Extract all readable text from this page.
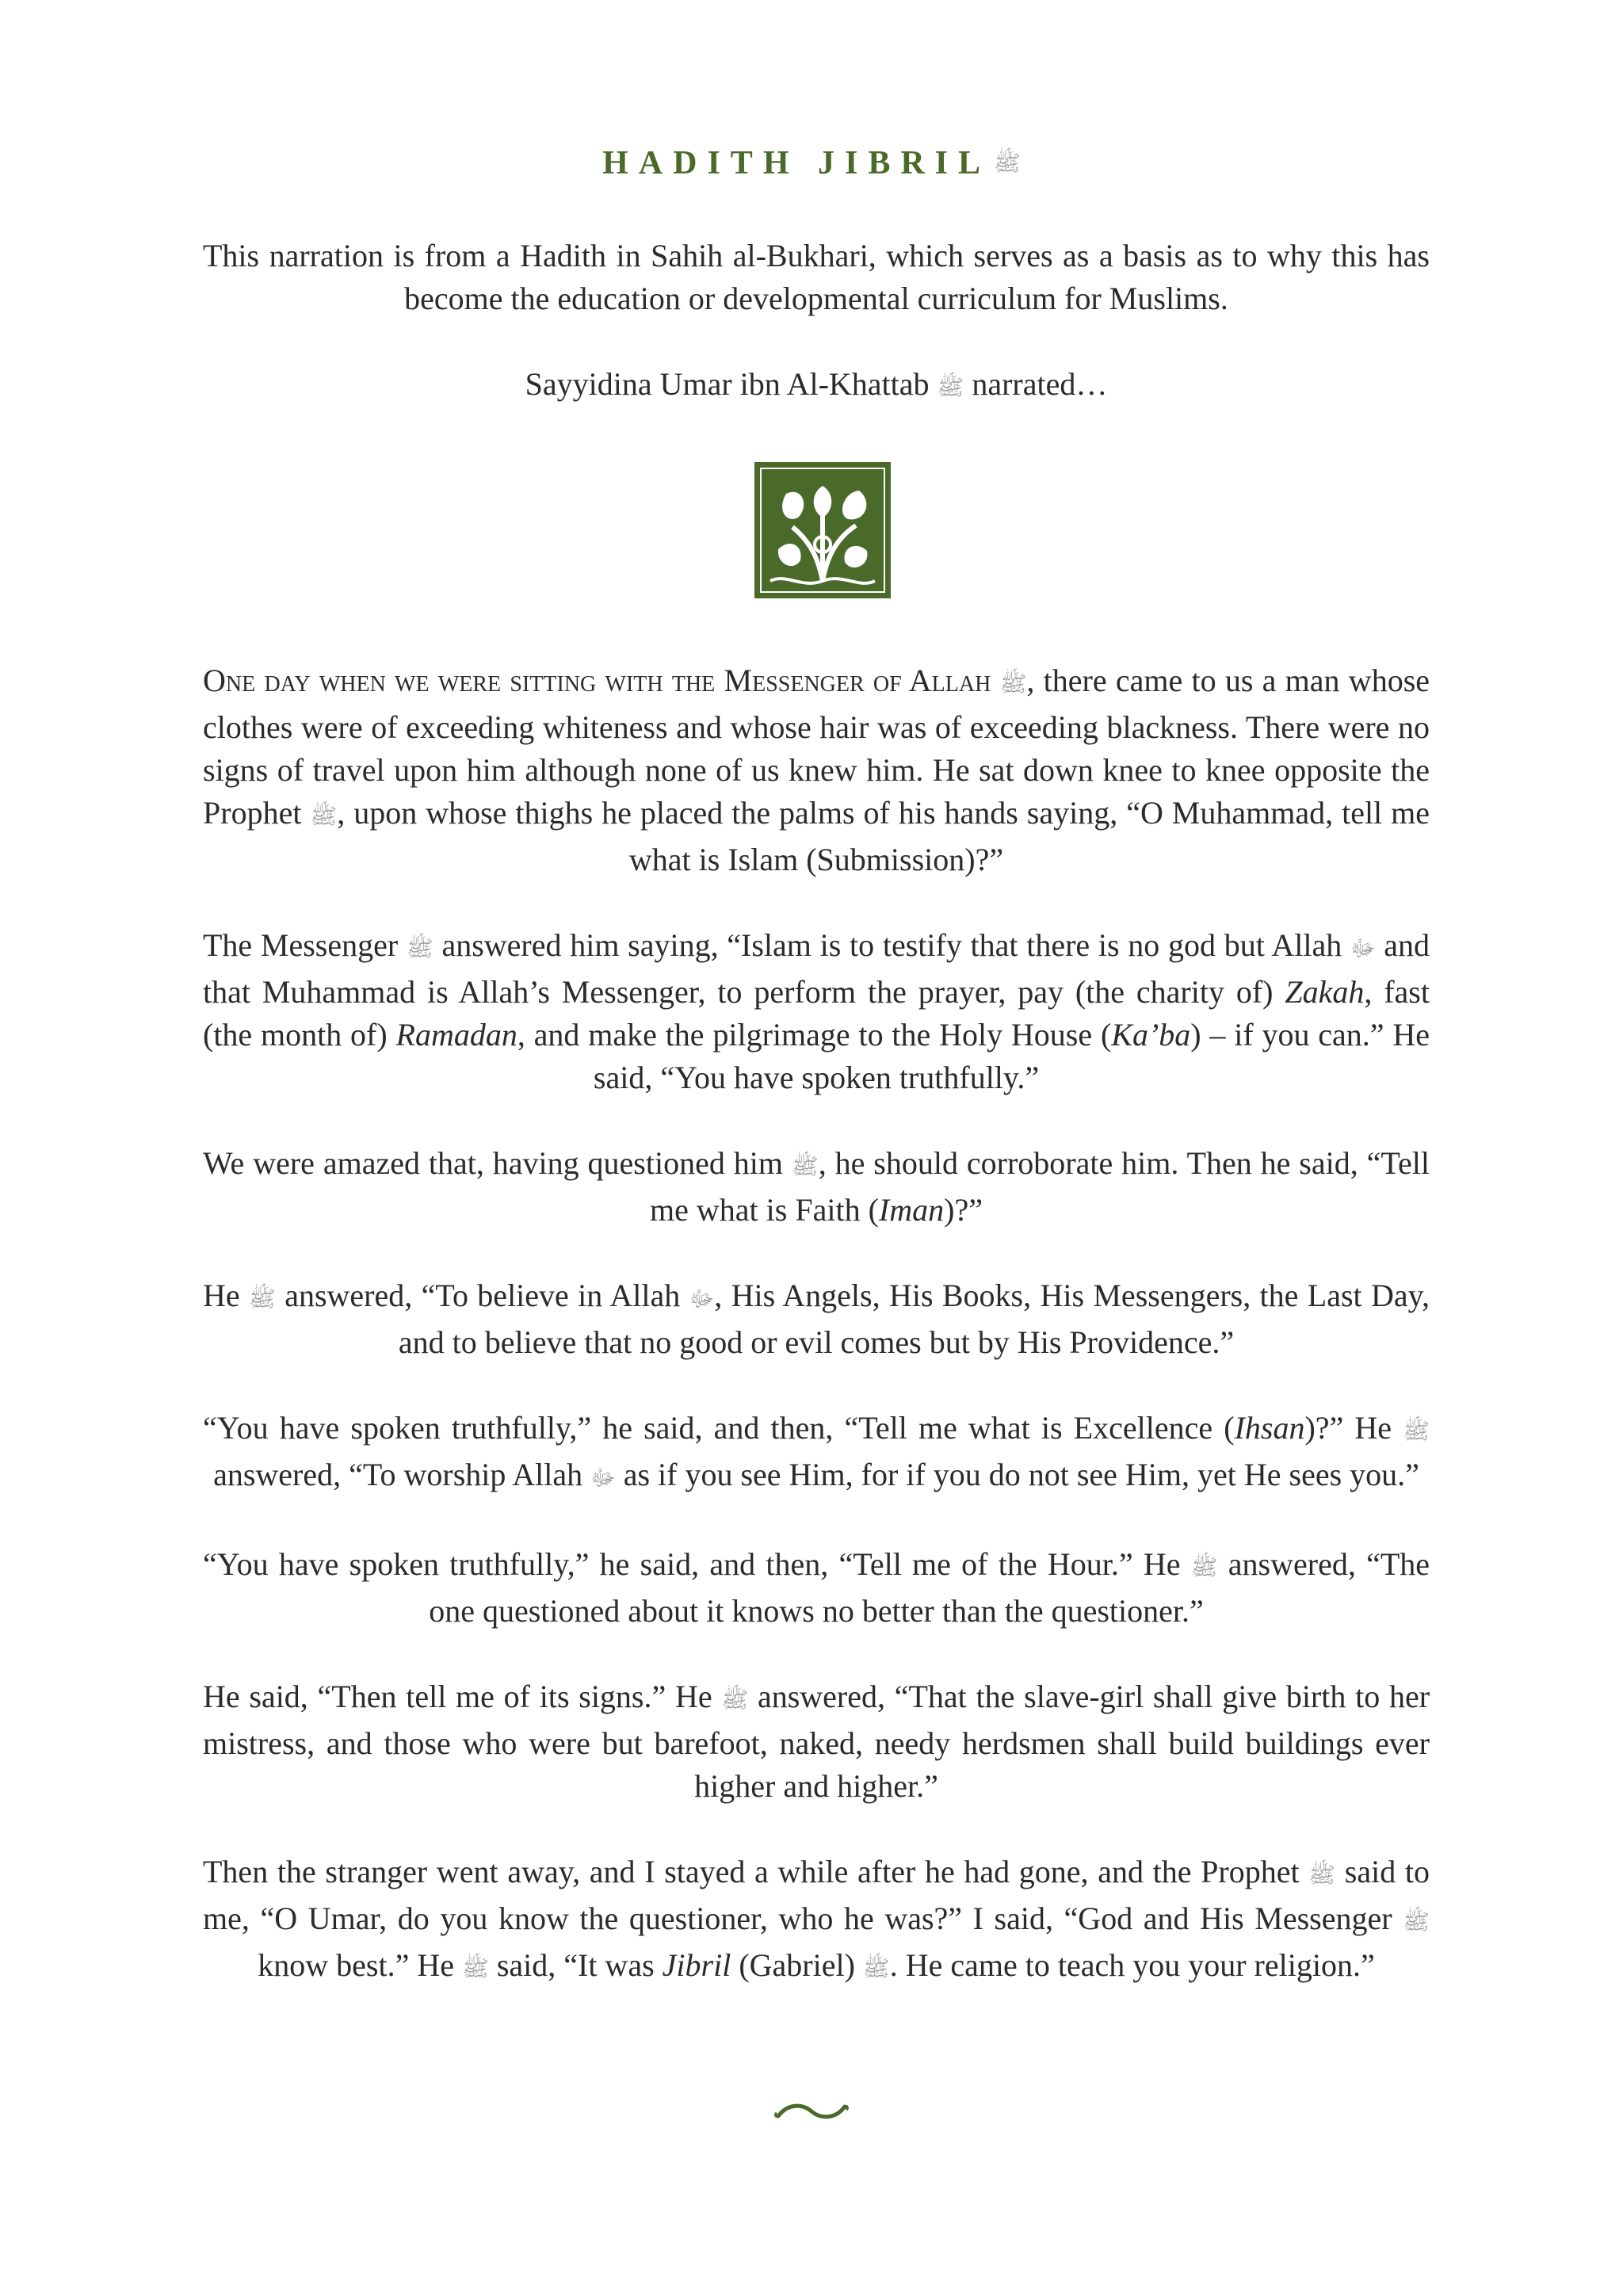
HADITH JIBRIL ﷺ

This narration is from a Hadith in Sahih al-Bukhari, which serves as a basis as to why this has become the education or developmental curriculum for Muslims.

Sayyidina Umar ibn Al-Khattab ﷺ narrated…

One day when we were sitting with the Messenger of Allah ﷺ, there came to us a man whose clothes were of exceeding whiteness and whose hair was of exceeding blackness. There were no signs of travel upon him although none of us knew him. He sat down knee to knee opposite the Prophet ﷺ, upon whose thighs he placed the palms of his hands saying, “O Muhammad, tell me what is Islam (Submission)?”

The Messenger ﷺ answered him saying, “Islam is to testify that there is no god but Allah ﷻ and that Muhammad is Allah’s Messenger, to perform the prayer, pay (the charity of) Zakah, fast (the month of) Ramadan, and make the pilgrimage to the Holy House (Ka’ba) – if you can.” He said, “You have spoken truthfully.”

We were amazed that, having questioned him ﷺ, he should corroborate him. Then he said, “Tell me what is Faith (Iman)?”

He ﷺ answered, “To believe in Allah ﷻ, His Angels, His Books, His Messengers, the Last Day, and to believe that no good or evil comes but by His Providence.”

“You have spoken truthfully,” he said, and then, “Tell me what is Excellence (Ihsan)?” He ﷺ answered, “To worship Allah ﷻ as if you see Him, for if you do not see Him, yet He sees you.”

“You have spoken truthfully,” he said, and then, “Tell me of the Hour.” He ﷺ answered, “The one questioned about it knows no better than the questioner.”

He said, “Then tell me of its signs.” He ﷺ answered, “That the slave-girl shall give birth to her mistress, and those who were but barefoot, naked, needy herdsmen shall build buildings ever higher and higher.”

Then the stranger went away, and I stayed a while after he had gone, and the Prophet ﷺ said to me, “O Umar, do you know the questioner, who he was?” I said, “God and His Messenger ﷺ know best.” He ﷺ said, “It was Jibril (Gabriel) ﷺ. He came to teach you your religion.”
